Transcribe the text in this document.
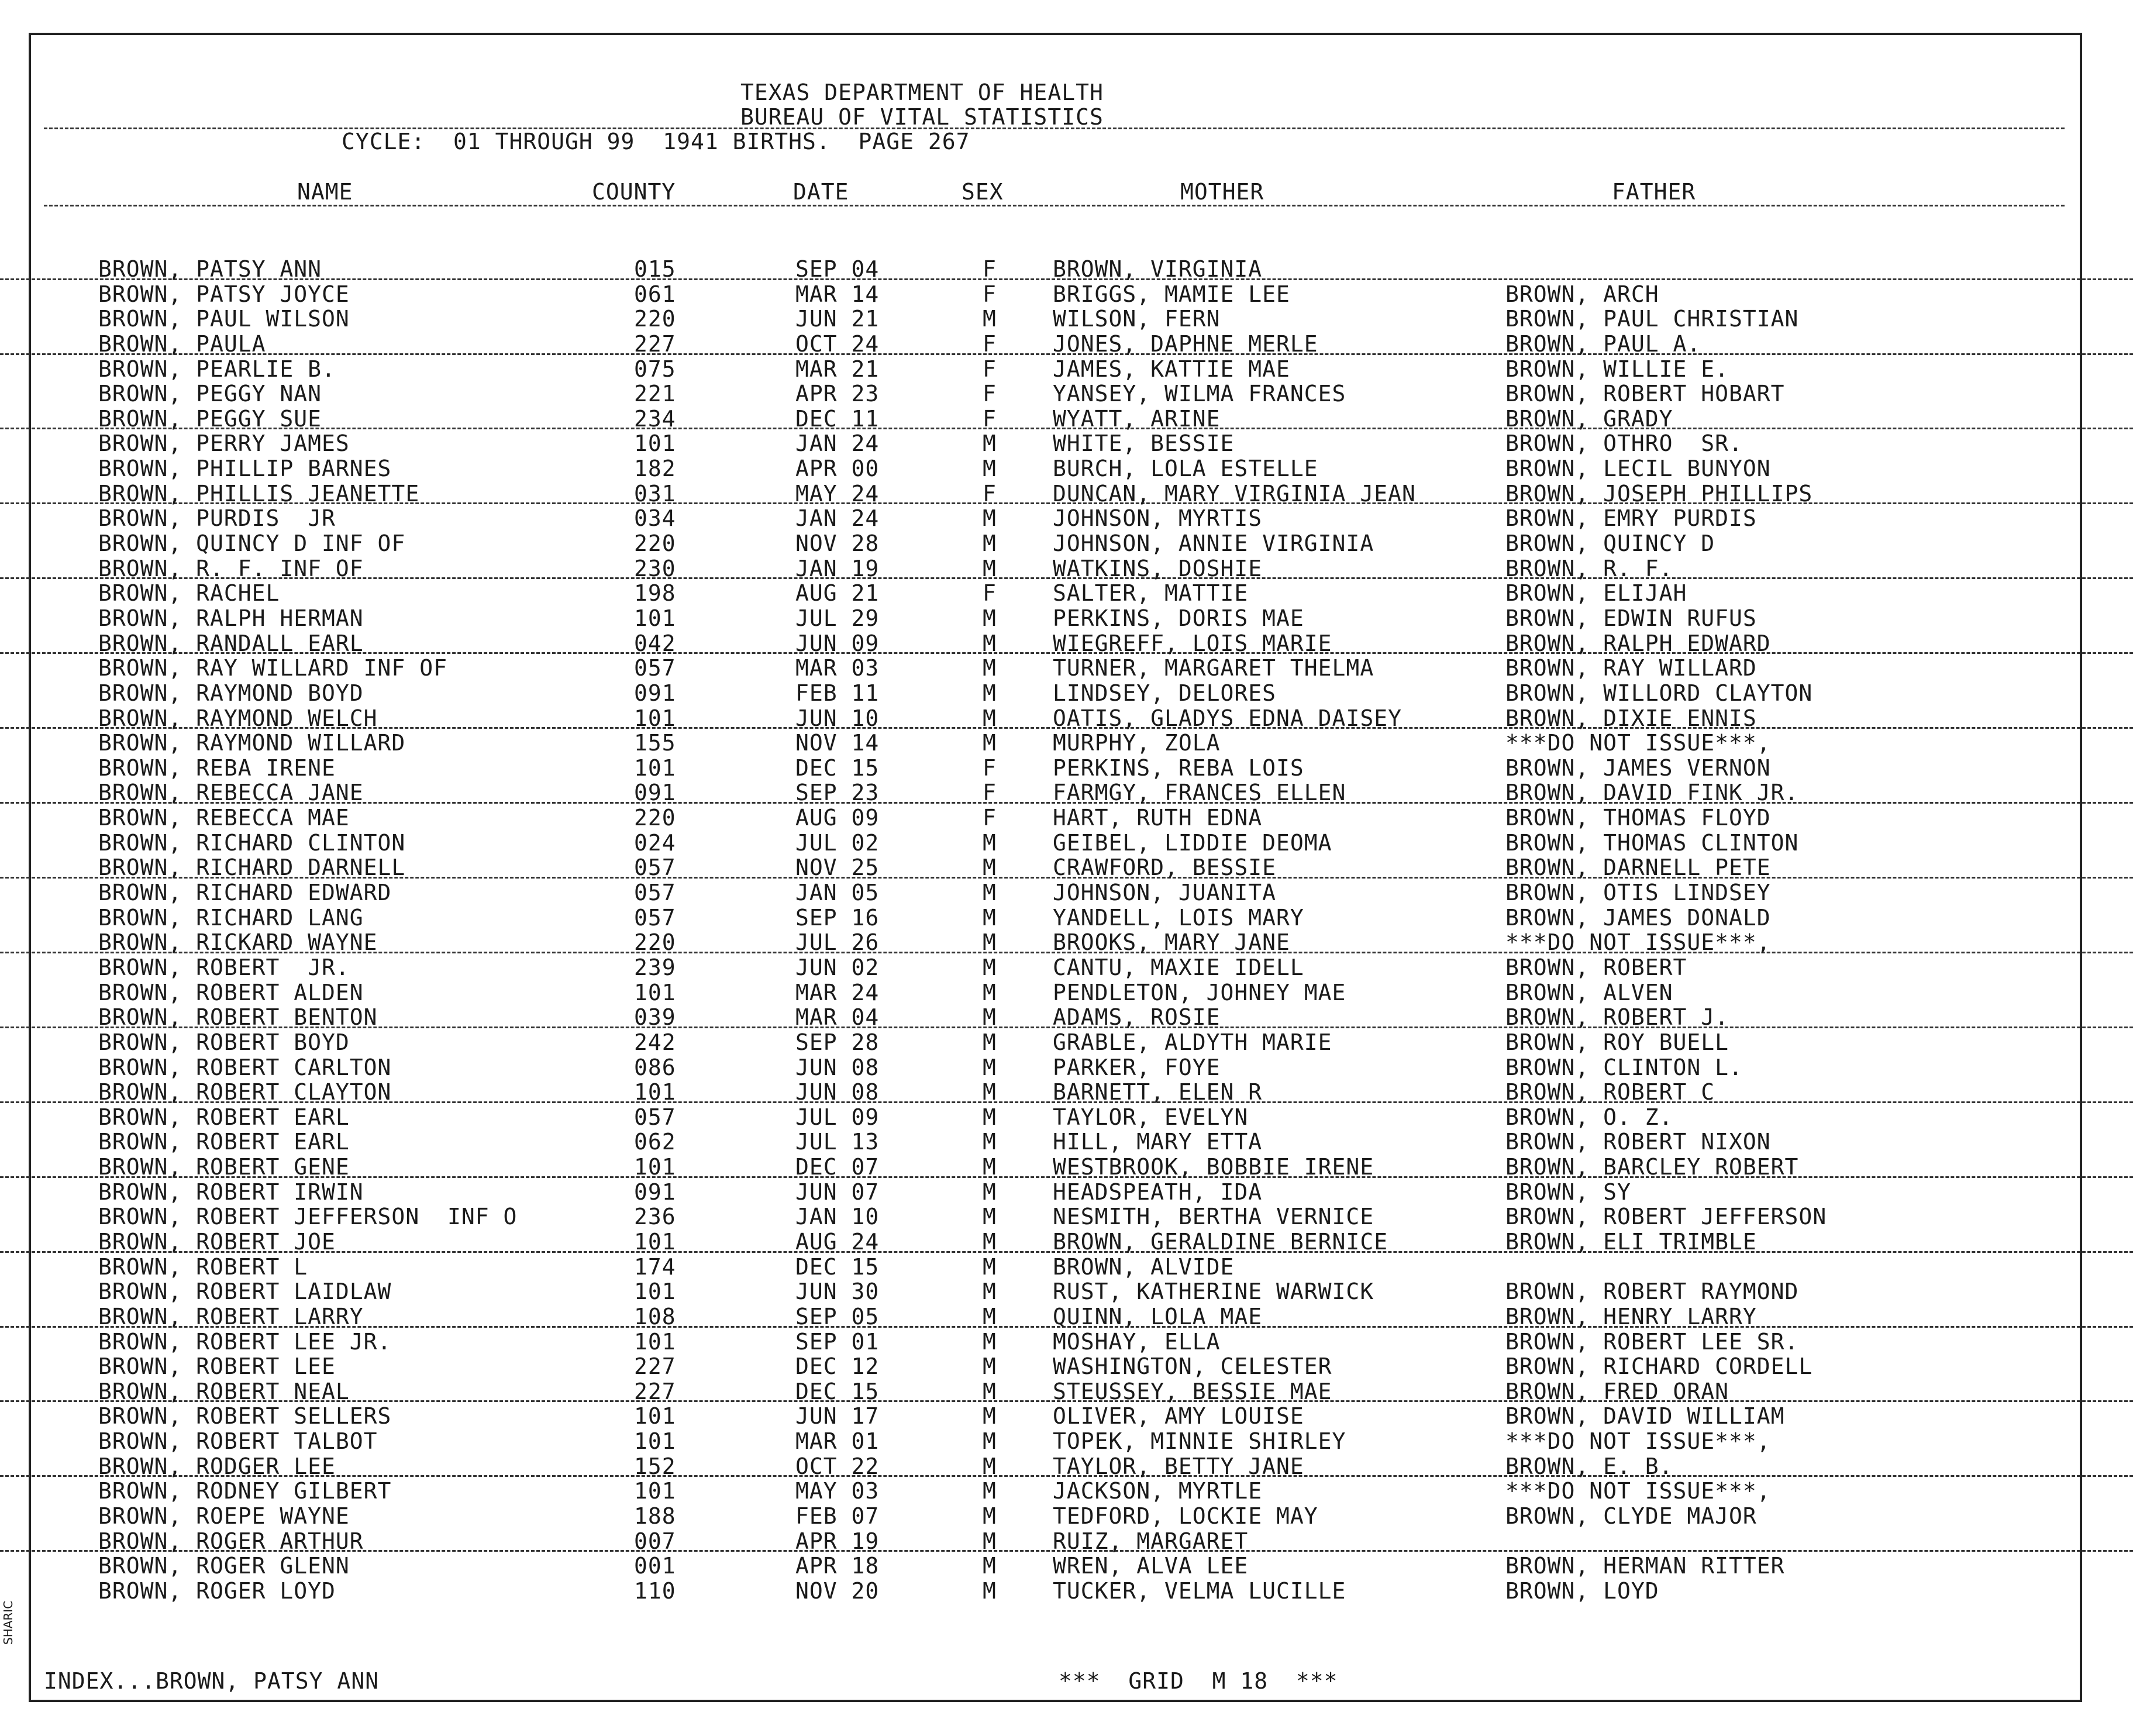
TEXAS DEPARTMENT OF HEALTH
BUREAU OF VITAL STATISTICS
CYCLE:  01 THROUGH 99  1941 BIRTHS.  PAGE 267
NAME	COUNTY	DATE	SEX	MOTHER	FATHER
BROWN, PATSY ANN	015	SEP 04	F	BROWN, VIRGINIA
BROWN, PATSY JOYCE	061	MAR 14	F	BRIGGS, MAMIE LEE	BROWN, ARCH
BROWN, PAUL WILSON	220	JUN 21	M	WILSON, FERN	BROWN, PAUL CHRISTIAN
BROWN, PAULA	227	OCT 24	F	JONES, DAPHNE MERLE	BROWN, PAUL A.
BROWN, PEARLIE B.	075	MAR 21	F	JAMES, KATTIE MAE	BROWN, WILLIE E.
BROWN, PEGGY NAN	221	APR 23	F	YANSEY, WILMA FRANCES	BROWN, ROBERT HOBART
BROWN, PEGGY SUE	234	DEC 11	F	WYATT, ARINE	BROWN, GRADY
BROWN, PERRY JAMES	101	JAN 24	M	WHITE, BESSIE	BROWN, OTHRO  SR.
BROWN, PHILLIP BARNES	182	APR 00	M	BURCH, LOLA ESTELLE	BROWN, LECIL BUNYON
BROWN, PHILLIS JEANETTE	031	MAY 24	F	DUNCAN, MARY VIRGINIA JEAN	BROWN, JOSEPH PHILLIPS
BROWN, PURDIS  JR	034	JAN 24	M	JOHNSON, MYRTIS	BROWN, EMRY PURDIS
BROWN, QUINCY D INF OF	220	NOV 28	M	JOHNSON, ANNIE VIRGINIA	BROWN, QUINCY D
BROWN, R. F. INF OF	230	JAN 19	M	WATKINS, DOSHIE	BROWN, R. F.
BROWN, RACHEL	198	AUG 21	F	SALTER, MATTIE	BROWN, ELIJAH
BROWN, RALPH HERMAN	101	JUL 29	M	PERKINS, DORIS MAE	BROWN, EDWIN RUFUS
BROWN, RANDALL EARL	042	JUN 09	M	WIEGREFF, LOIS MARIE	BROWN, RALPH EDWARD
BROWN, RAY WILLARD INF OF	057	MAR 03	M	TURNER, MARGARET THELMA	BROWN, RAY WILLARD
BROWN, RAYMOND BOYD	091	FEB 11	M	LINDSEY, DELORES	BROWN, WILLORD CLAYTON
BROWN, RAYMOND WELCH	101	JUN 10	M	OATIS, GLADYS EDNA DAISEY	BROWN, DIXIE ENNIS
BROWN, RAYMOND WILLARD	155	NOV 14	M	MURPHY, ZOLA	***DO NOT ISSUE***,
BROWN, REBA IRENE	101	DEC 15	F	PERKINS, REBA LOIS	BROWN, JAMES VERNON
BROWN, REBECCA JANE	091	SEP 23	F	FARMGY, FRANCES ELLEN	BROWN, DAVID FINK JR.
BROWN, REBECCA MAE	220	AUG 09	F	HART, RUTH EDNA	BROWN, THOMAS FLOYD
BROWN, RICHARD CLINTON	024	JUL 02	M	GEIBEL, LIDDIE DEOMA	BROWN, THOMAS CLINTON
BROWN, RICHARD DARNELL	057	NOV 25	M	CRAWFORD, BESSIE	BROWN, DARNELL PETE
BROWN, RICHARD EDWARD	057	JAN 05	M	JOHNSON, JUANITA	BROWN, OTIS LINDSEY
BROWN, RICHARD LANG	057	SEP 16	M	YANDELL, LOIS MARY	BROWN, JAMES DONALD
BROWN, RICKARD WAYNE	220	JUL 26	M	BROOKS, MARY JANE	***DO NOT ISSUE***,
BROWN, ROBERT  JR.	239	JUN 02	M	CANTU, MAXIE IDELL	BROWN, ROBERT
BROWN, ROBERT ALDEN	101	MAR 24	M	PENDLETON, JOHNEY MAE	BROWN, ALVEN
BROWN, ROBERT BENTON	039	MAR 04	M	ADAMS, ROSIE	BROWN, ROBERT J.
BROWN, ROBERT BOYD	242	SEP 28	M	GRABLE, ALDYTH MARIE	BROWN, ROY BUELL
BROWN, ROBERT CARLTON	086	JUN 08	M	PARKER, FOYE	BROWN, CLINTON L.
BROWN, ROBERT CLAYTON	101	JUN 08	M	BARNETT, ELEN R	BROWN, ROBERT C
BROWN, ROBERT EARL	057	JUL 09	M	TAYLOR, EVELYN	BROWN, O. Z.
BROWN, ROBERT EARL	062	JUL 13	M	HILL, MARY ETTA	BROWN, ROBERT NIXON
BROWN, ROBERT GENE	101	DEC 07	M	WESTBROOK, BOBBIE IRENE	BROWN, BARCLEY ROBERT
BROWN, ROBERT IRWIN	091	JUN 07	M	HEADSPEATH, IDA	BROWN, SY
BROWN, ROBERT JEFFERSON  INF O	236	JAN 10	M	NESMITH, BERTHA VERNICE	BROWN, ROBERT JEFFERSON
BROWN, ROBERT JOE	101	AUG 24	M	BROWN, GERALDINE BERNICE	BROWN, ELI TRIMBLE
BROWN, ROBERT L	174	DEC 15	M	BROWN, ALVIDE
BROWN, ROBERT LAIDLAW	101	JUN 30	M	RUST, KATHERINE WARWICK	BROWN, ROBERT RAYMOND
BROWN, ROBERT LARRY	108	SEP 05	M	QUINN, LOLA MAE	BROWN, HENRY LARRY
BROWN, ROBERT LEE JR.	101	SEP 01	M	MOSHAY, ELLA	BROWN, ROBERT LEE SR.
BROWN, ROBERT LEE	227	DEC 12	M	WASHINGTON, CELESTER	BROWN, RICHARD CORDELL
BROWN, ROBERT NEAL	227	DEC 15	M	STEUSSEY, BESSIE MAE	BROWN, FRED ORAN
BROWN, ROBERT SELLERS	101	JUN 17	M	OLIVER, AMY LOUISE	BROWN, DAVID WILLIAM
BROWN, ROBERT TALBOT	101	MAR 01	M	TOPEK, MINNIE SHIRLEY	***DO NOT ISSUE***,
BROWN, RODGER LEE	152	OCT 22	M	TAYLOR, BETTY JANE	BROWN, E. B.
BROWN, RODNEY GILBERT	101	MAY 03	M	JACKSON, MYRTLE	***DO NOT ISSUE***,
BROWN, ROEPE WAYNE	188	FEB 07	M	TEDFORD, LOCKIE MAY	BROWN, CLYDE MAJOR
BROWN, ROGER ARTHUR	007	APR 19	M	RUIZ, MARGARET
BROWN, ROGER GLENN	001	APR 18	M	WREN, ALVA LEE	BROWN, HERMAN RITTER
BROWN, ROGER LOYD	110	NOV 20	M	TUCKER, VELMA LUCILLE	BROWN, LOYD
INDEX...BROWN, PATSY ANN	***  GRID  M 18  ***
SHARIC
